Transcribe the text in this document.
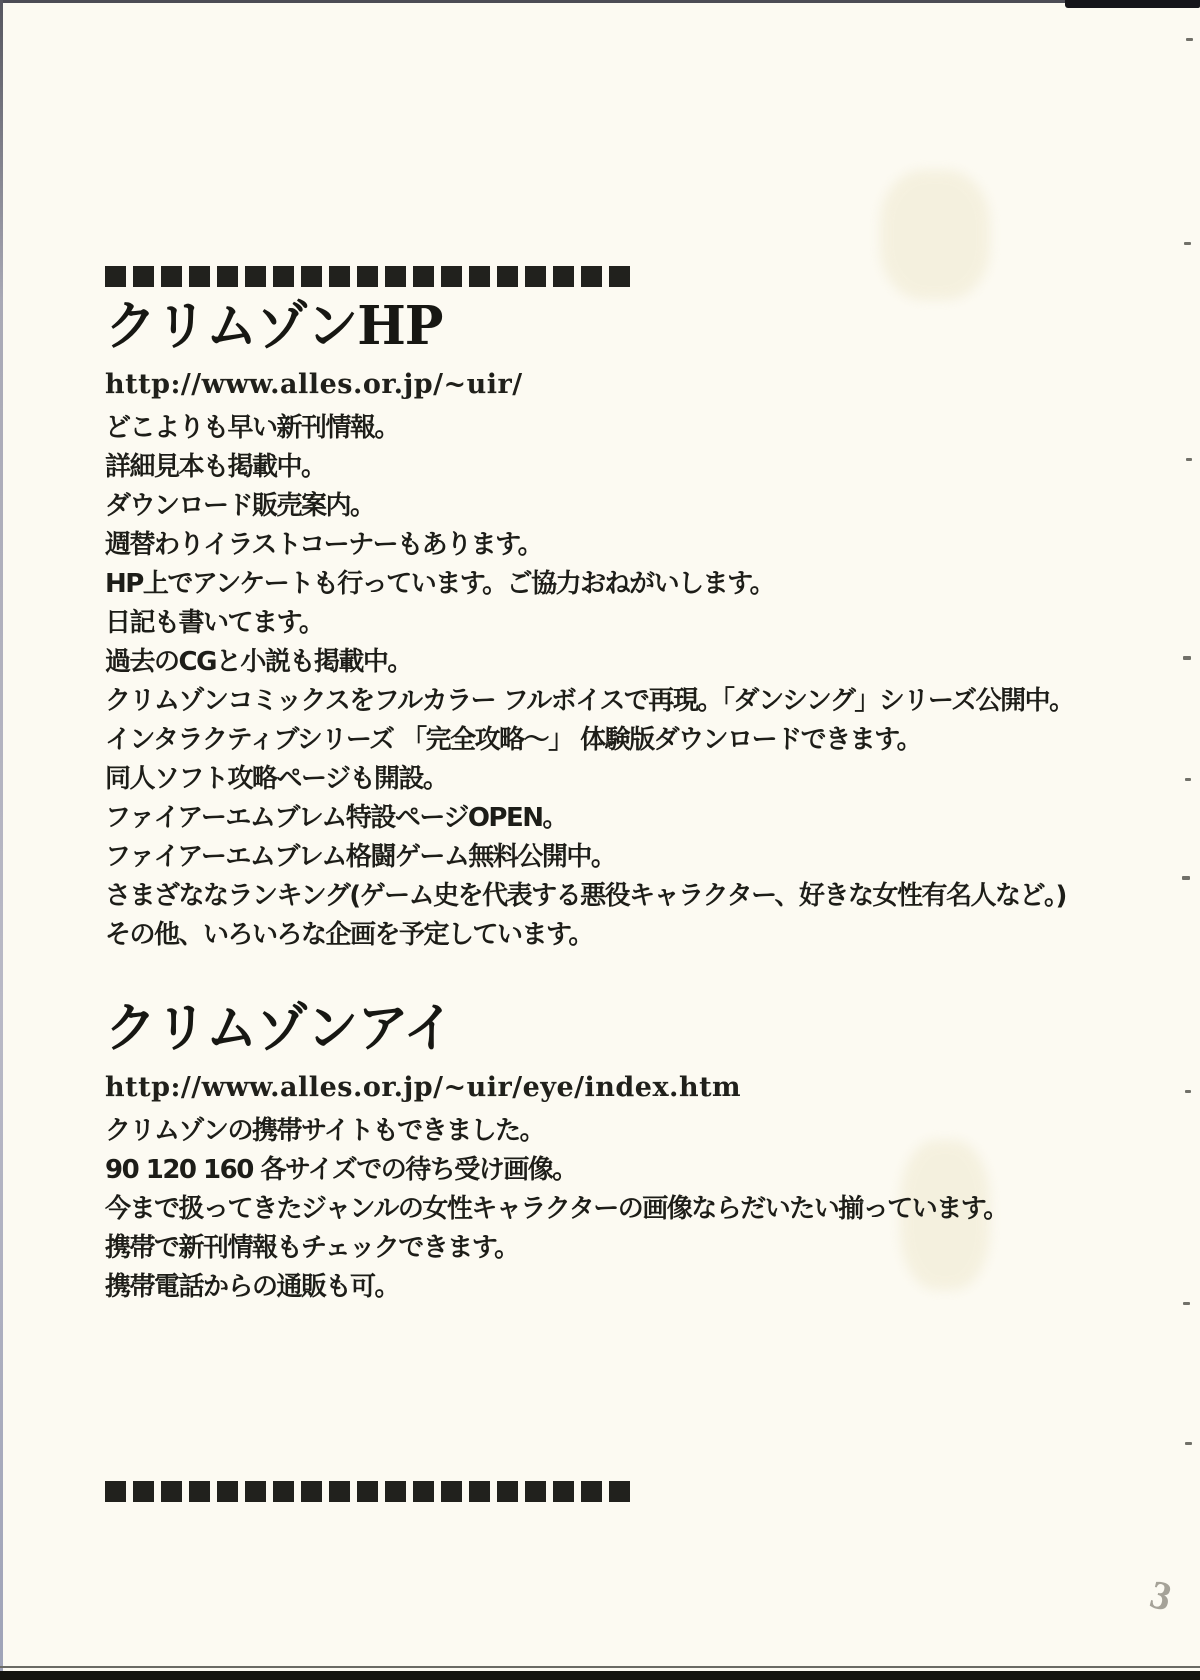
3
クリムゾンHP
http://www.alles.or.jp/~uir/

どこよりも早い新刊情報。

詳細見本も掲載中。

ダウンロード販売案内。

週替わりイラストコーナーもあります。

HP上でアンケートも行っています。ご協力おねがいします。

日記も書いてます。

過去のCGと小説も掲載中。

クリムゾンコミックスをフルカラー フルボイスで再現。「ダンシング」シリーズ公開中。

インタラクティブシリーズ 「完全攻略～」 体験版ダウンロードできます。

同人ソフト攻略ページも開設。

ファイアーエムブレム特設ページOPEN。

ファイアーエムブレム格闘ゲーム無料公開中。

さまざななランキング(ゲーム史を代表する悪役キャラクター、好きな女性有名人など。)

その他、いろいろな企画を予定しています。

クリムゾンアイ
http://www.alles.or.jp/~uir/eye/index.htm

クリムゾンの携帯サイトもできました。

90 120 160 各サイズでの待ち受け画像。

今まで扱ってきたジャンルの女性キャラクターの画像ならだいたい揃っています。

携帯で新刊情報もチェックできます。

携帯電話からの通販も可。
